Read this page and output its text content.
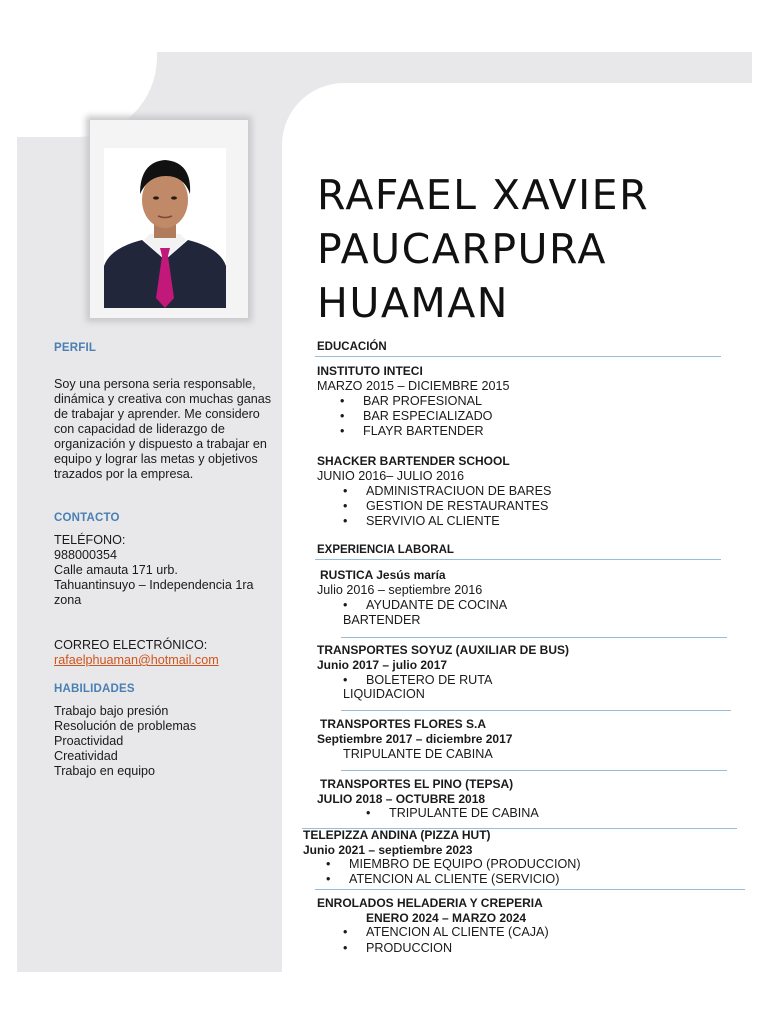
PERFIL
Soy una persona seria responsable, dinámica y creativa con muchas ganas de trabajar y aprender. Me considero con capacidad de liderazgo de organización y dispuesto a trabajar en equipo y lograr las metas y objetivos trazados por la empresa.
CONTACTO

TELÉFONO:

988000354

Calle amauta 171 urb.

Tahuantinsuyo – Independencia 1ra

zona

CORREO ELECTRÓNICO:

rafaelphuaman@hotmail.com

HABILIDADES

Trabajo bajo presión

Resolución de problemas

Proactividad

Creatividad

Trabajo en equipo

RAFAEL XAVIER
PAUCARPURA
HUAMAN
EDUCACIÓN
INSTITUTO INTECI
MARZO 2015 – DICIEMBRE 2015
• BAR PROFESIONAL
• BAR ESPECIALIZADO
• FLAYR BARTENDER
SHACKER BARTENDER SCHOOL
JUNIO 2016– JULIO 2016
• ADMINISTRACIUON DE BARES
• GESTION DE RESTAURANTES
• SERVIVIO AL CLIENTE
EXPERIENCIA LABORAL
RUSTICA Jesús maría
Julio 2016 – septiembre 2016
• AYUDANTE DE COCINA
BARTENDER
TRANSPORTES SOYUZ (AUXILIAR DE BUS)
Junio 2017 – julio 2017
• BOLETERO DE RUTA
LIQUIDACION
TRANSPORTES FLORES S.A
Septiembre 2017 – diciembre 2017
TRIPULANTE DE CABINA
TRANSPORTES EL PINO (TEPSA)
JULIO 2018 – OCTUBRE 2018
• TRIPULANTE DE CABINA
TELEPIZZA ANDINA (PIZZA HUT)
Junio 2021 – septiembre 2023
• MIEMBRO DE EQUIPO (PRODUCCION)
• ATENCION AL CLIENTE (SERVICIO)
ENROLADOS HELADERIA Y CREPERIA
ENERO 2024 – MARZO 2024
• ATENCION AL CLIENTE (CAJA)
• PRODUCCION
